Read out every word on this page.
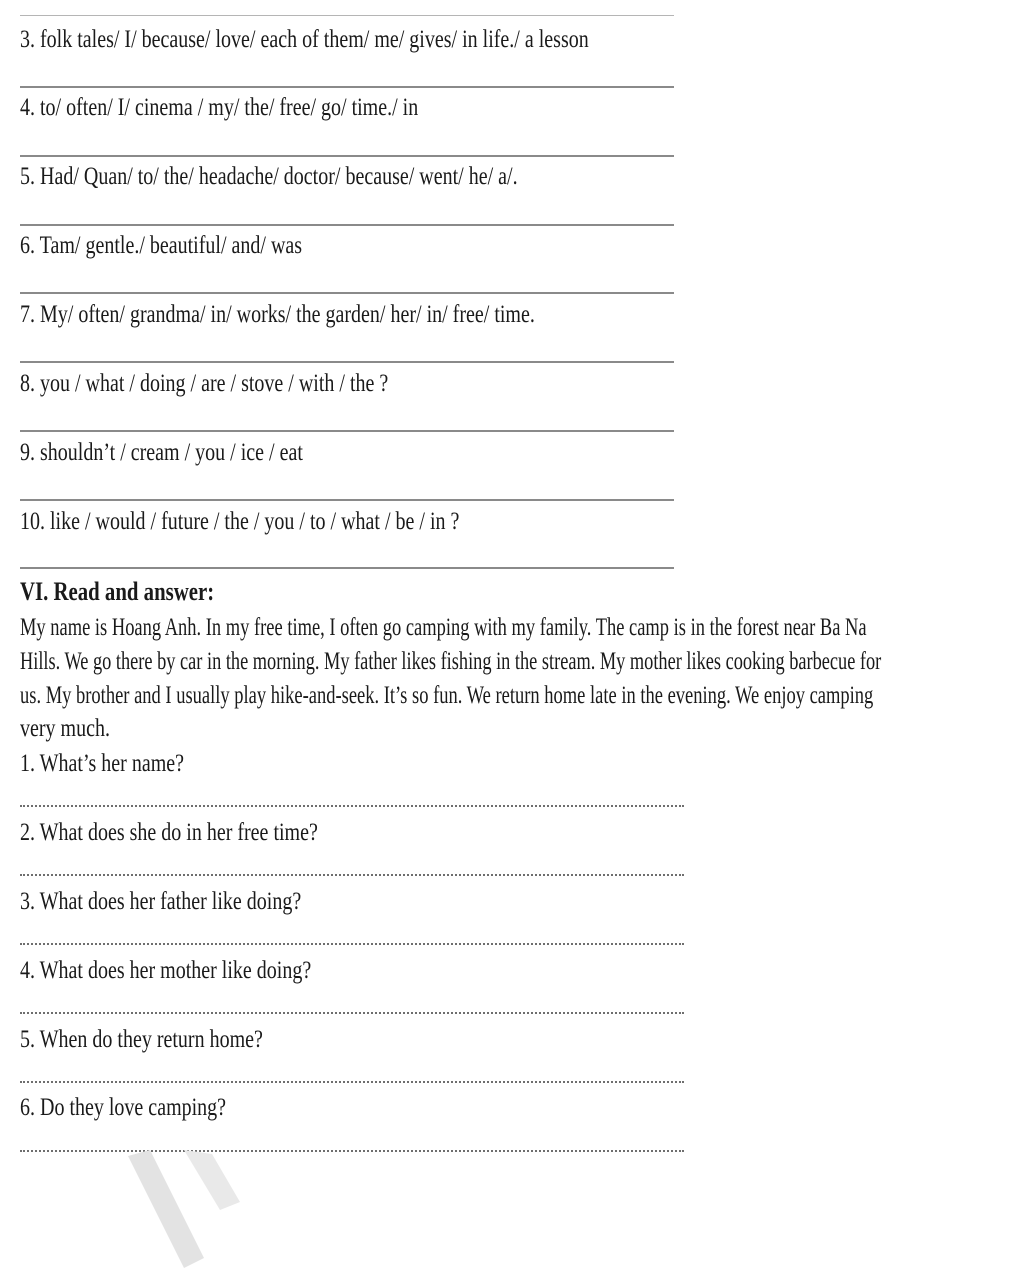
3. folk tales/ I/ because/ love/ each of them/ me/ gives/ in life./ a lesson
4. to/ often/ I/ cinema / my/ the/ free/ go/ time./ in
5. Had/ Quan/ to/ the/ headache/ doctor/ because/ went/ he/ a/.
6. Tam/ gentle./ beautiful/ and/ was
7. My/ often/ grandma/ in/ works/ the garden/ her/ in/ free/ time.
8. you / what / doing / are / stove / with / the ?
9. shouldn’t / cream / you / ice / eat
10. like / would / future / the / you / to / what / be / in ?
VI. Read and answer:
My name is Hoang Anh. In my free time, I often go camping with my family. The camp is in the forest near Ba Na
Hills. We go there by car in the morning. My father likes fishing in the stream. My mother likes cooking barbecue for
us. My brother and I usually play hike-and-seek. It’s so fun. We return home late in the evening. We enjoy camping
very much.
1. What’s her name?
2. What does she do in her free time?
3. What does her father like doing?
4. What does her mother like doing?
5. When do they return home?
6. Do they love camping?
